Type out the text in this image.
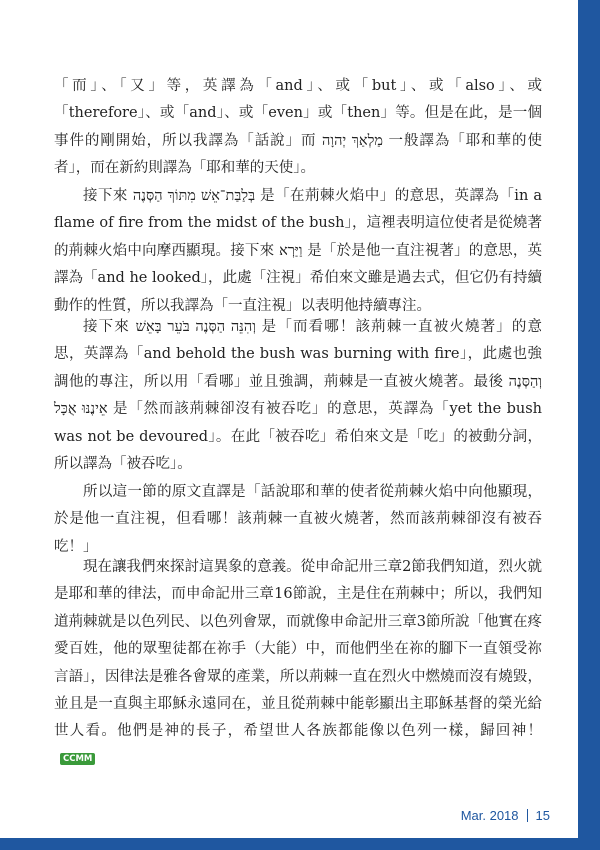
「而」、「又」等，英譯為「and」、或「but」、或「also」、或「therefore」、或「and」、或「even」或「then」等。但是在此，是一個事件的剛開始，所以我譯為「話說」而 מַלְאַךְ יְהוָה 一般譯為「耶和華的使者」，而在新約則譯為「耶和華的天使」。

接下來 בְּלַבַּת־אֵשׁ מִתּוֹךְ הַסְּנֶה 是「在荊棘火焰中」的意思，英譯為「in a flame of fire from the midst of the bush」，這裡表明這位使者是從燒著的荊棘火焰中向摩西顯現。接下來 וַיַּרְא 是「於是他一直注視著」的意思，英譯為「and he looked」，此處「注視」希伯來文雖是過去式，但它仍有持續動作的性質，所以我譯為「一直注視」以表明他持續專注。

接下來 וְהִנֵּה הַסְּנֶה בֹּעֵר בָּאֵשׁ 是「而看哪！該荊棘一直被火燒著」的意思，英譯為「and behold the bush was burning with fire」，此處也強調他的專注，所以用「看哪」並且強調，荊棘是一直被火燒著。最後 וְהַסְּנֶה אֵינֶנּוּ אֻכָּל 是「然而該荊棘卻沒有被吞吃」的意思，英譯為「yet the bush was not be devoured」。在此「被吞吃」希伯來文是「吃」的被動分詞，所以譯為「被吞吃」。

所以這一節的原文直譯是「話說耶和華的使者從荊棘火焰中向他顯現，於是他一直注視，但看哪！該荊棘一直被火燒著，然而該荊棘卻沒有被吞吃！」

現在讓我們來探討這異象的意義。從申命記卅三章2節我們知道，烈火就是耶和華的律法，而申命記卅三章16節說，主是住在荊棘中；所以，我們知道荊棘就是以色列民、以色列會眾，而就像申命記卅三章3節所說「他實在疼愛百姓，他的眾聖徒都在祢手（大能）中，而他們坐在祢的腳下一直領受祢言語」，因律法是雅各會眾的產業，所以荊棘一直在烈火中燃燒而沒有燒毀，並且是一直與主耶穌永遠同在，並且從荊棘中能彰顯出主耶穌基督的榮光給世人看。他們是神的長子，希望世人各族都能像以色列一樣，歸回神！CCMM

Mar. 2018 15
